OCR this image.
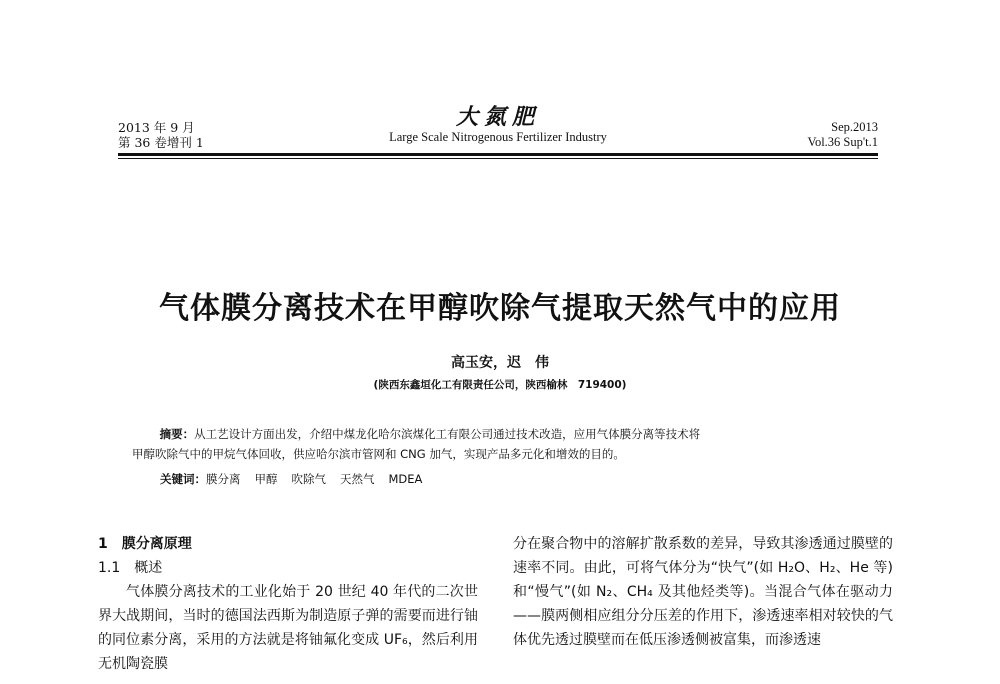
2013 年 9 月
第 36 卷增刊 1
大氮肥
Large Scale Nitrogenous Fertilizer Industry
Sep.2013
Vol.36 Sup't.1
气体膜分离技术在甲醇吹除气提取天然气中的应用
高玉安，迟　伟
(陕西东鑫垣化工有限责任公司，陕西榆林　719400)

摘要：从工艺设计方面出发，介绍中煤龙化哈尔滨煤化工有限公司通过技术改造，应用气体膜分离等技术将

甲醇吹除气中的甲烷气体回收，供应哈尔滨市管网和 CNG 加气，实现产品多元化和增效的目的。

关键词：膜分离 甲醇 吹除气 天然气 MDEA

1　膜分离原理

1.1　概述

气体膜分离技术的工业化始于 20 世纪 40 年代的二次世界大战期间，当时的德国法西斯为制造原子弹的需要而进行铀的同位素分离，采用的方法就是将铀氟化变成 UF₆，然后利用无机陶瓷膜

分在聚合物中的溶解扩散系数的差异，导致其渗透通过膜壁的速率不同。由此，可将气体分为“快气”(如 H₂O、H₂、He 等)和“慢气”(如 N₂、CH₄ 及其他烃类等)。当混合气体在驱动力——膜两侧相应组分分压差的作用下，渗透速率相对较快的气体优先透过膜壁而在低压渗透侧被富集，而渗透速
